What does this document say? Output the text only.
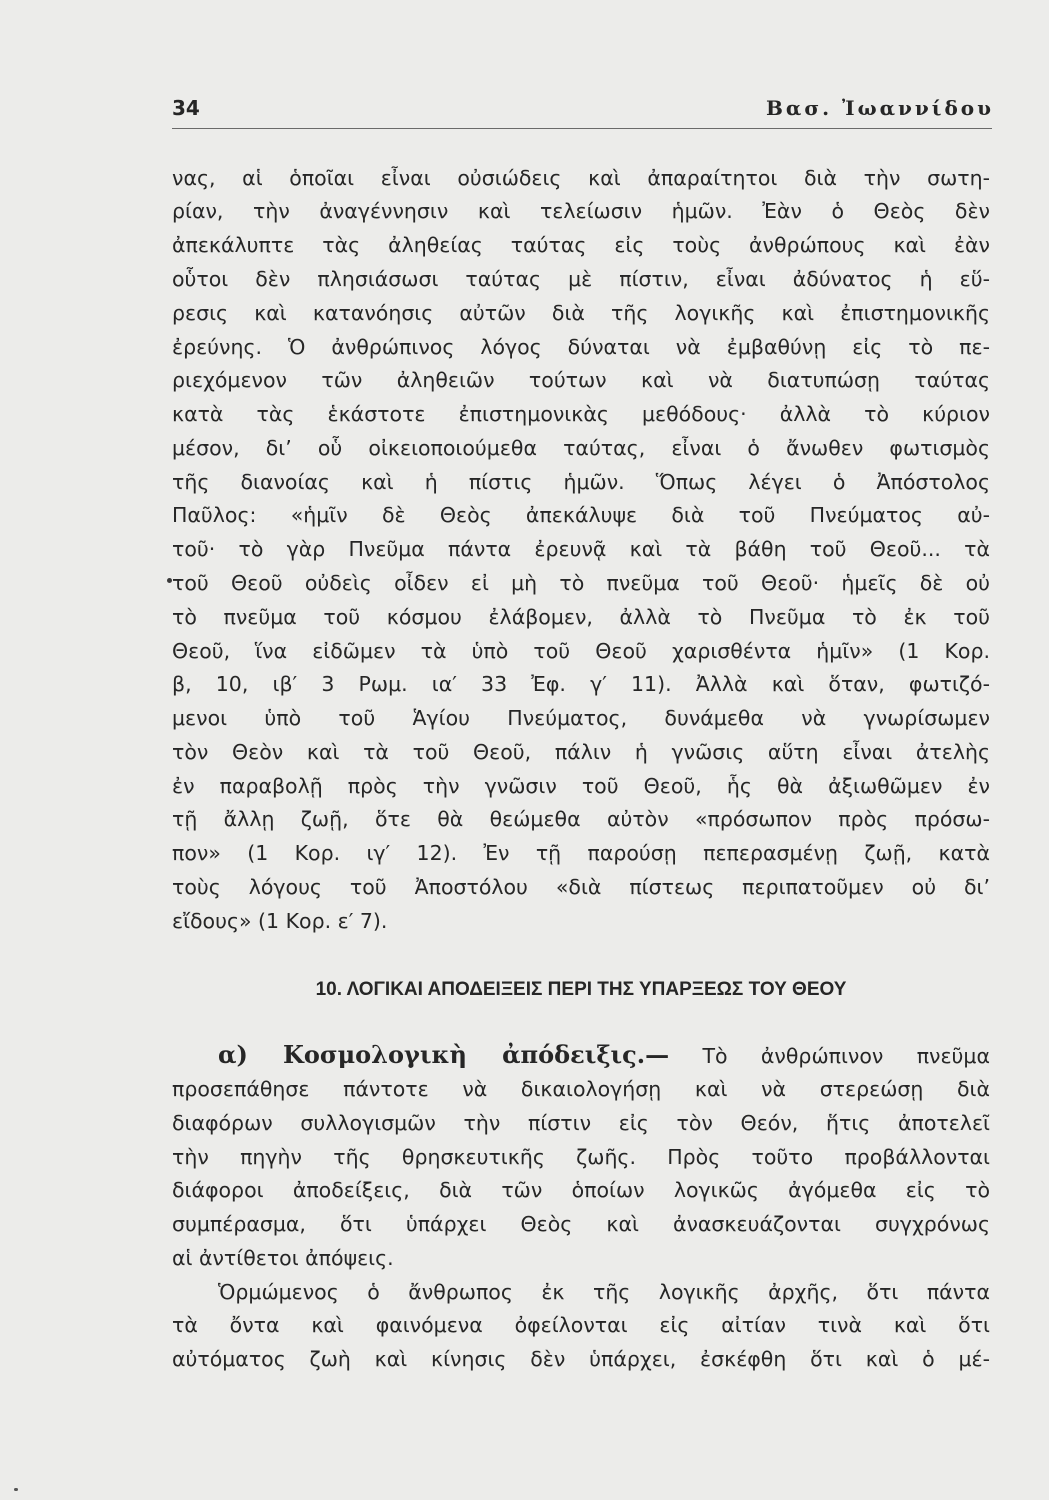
34	Βασ. Ἰωαννίδου
νας, αἱ ὁποῖαι εἶναι οὐσιώδεις καὶ ἀπαραίτητοι διὰ τὴν σωτη-
ρίαν, τὴν ἀναγέννησιν καὶ τελείωσιν ἡμῶν. Ἐὰν ὁ Θεὸς δὲν
ἀπεκάλυπτε τὰς ἀληθείας ταύτας εἰς τοὺς ἀνθρώπους καὶ ἐὰν
οὗτοι δὲν πλησιάσωσι ταύτας μὲ πίστιν, εἶναι ἀδύνατος ἡ εὕ-
ρεσις καὶ κατανόησις αὐτῶν διὰ τῆς λογικῆς καὶ ἐπιστημονικῆς
ἐρεύνης. Ὁ ἀνθρώπινος λόγος δύναται νὰ ἐμβαθύνῃ εἰς τὸ πε-
ριεχόμενον τῶν ἀληθειῶν τούτων καὶ νὰ διατυπώσῃ ταύτας
κατὰ τὰς ἑκάστοτε ἐπιστημονικὰς μεθόδους· ἀλλὰ τὸ κύριον
μέσον, δι’ οὗ οἰκειοποιούμεθα ταύτας, εἶναι ὁ ἄνωθεν φωτισμὸς
τῆς διανοίας καὶ ἡ πίστις ἡμῶν. Ὅπως λέγει ὁ Ἀπόστολος
Παῦλος: «ἡμῖν δὲ Θεὸς ἀπεκάλυψε διὰ τοῦ Πνεύματος αὐ-
τοῦ· τὸ γὰρ Πνεῦμα πάντα ἐρευνᾷ καὶ τὰ βάθη τοῦ Θεοῦ... τὰ
τοῦ Θεοῦ οὐδεὶς οἶδεν εἰ μὴ τὸ πνεῦμα τοῦ Θεοῦ· ἡμεῖς δὲ οὐ
τὸ πνεῦμα τοῦ κόσμου ἐλάβομεν, ἀλλὰ τὸ Πνεῦμα τὸ ἐκ τοῦ
Θεοῦ, ἵνα εἰδῶμεν τὰ ὑπὸ τοῦ Θεοῦ χαρισθέντα ἡμῖν» (1 Κορ.
β, 10, ιβ′ 3 Ρωμ. ια′ 33 Ἐφ. γ′ 11). Ἀλλὰ καὶ ὅταν, φωτιζό-
μενοι ὑπὸ τοῦ Ἁγίου Πνεύματος, δυνάμεθα νὰ γνωρίσωμεν
τὸν Θεὸν καὶ τὰ τοῦ Θεοῦ, πάλιν ἡ γνῶσις αὕτη εἶναι ἀτελὴς
ἐν παραβολῇ πρὸς τὴν γνῶσιν τοῦ Θεοῦ, ἧς θὰ ἀξιωθῶμεν ἐν
τῇ ἄλλῃ ζωῇ, ὅτε θὰ θεώμεθα αὐτὸν «πρόσωπον πρὸς πρόσω-
πον» (1 Κορ. ιγ′ 12). Ἐν τῇ παρούσῃ πεπερασμένῃ ζωῇ, κατὰ
τοὺς λόγους τοῦ Ἀποστόλου «διὰ πίστεως περιπατοῦμεν οὐ δι’
εἴδους» (1 Κορ. ε′ 7).
10. ΛΟΓΙΚΑΙ ΑΠΟΔΕΙΞΕΙΣ ΠΕΡΙ ΤΗΣ ΥΠΑΡΞΕΩΣ ΤΟΥ ΘΕΟΥ
α) Κοσμολογικὴ ἀπόδειξις.— Τὸ ἀνθρώπινον πνεῦμα
προσεπάθησε πάντοτε νὰ δικαιολογήσῃ καὶ νὰ στερεώσῃ διὰ
διαφόρων συλλογισμῶν τὴν πίστιν εἰς τὸν Θεόν, ἥτις ἀποτελεῖ
τὴν πηγὴν τῆς θρησκευτικῆς ζωῆς. Πρὸς τοῦτο προβάλλονται
διάφοροι ἀποδείξεις, διὰ τῶν ὁποίων λογικῶς ἀγόμεθα εἰς τὸ
συμπέρασμα, ὅτι ὑπάρχει Θεὸς καὶ ἀνασκευάζονται συγχρόνως
αἱ ἀντίθετοι ἀπόψεις.
Ὁρμώμενος ὁ ἄνθρωπος ἐκ τῆς λογικῆς ἀρχῆς, ὅτι πάντα
τὰ ὄντα καὶ φαινόμενα ὀφείλονται εἰς αἰτίαν τινὰ καὶ ὅτι
αὐτόματος ζωὴ καὶ κίνησις δὲν ὑπάρχει, ἐσκέφθη ὅτι καὶ ὁ μέ-
